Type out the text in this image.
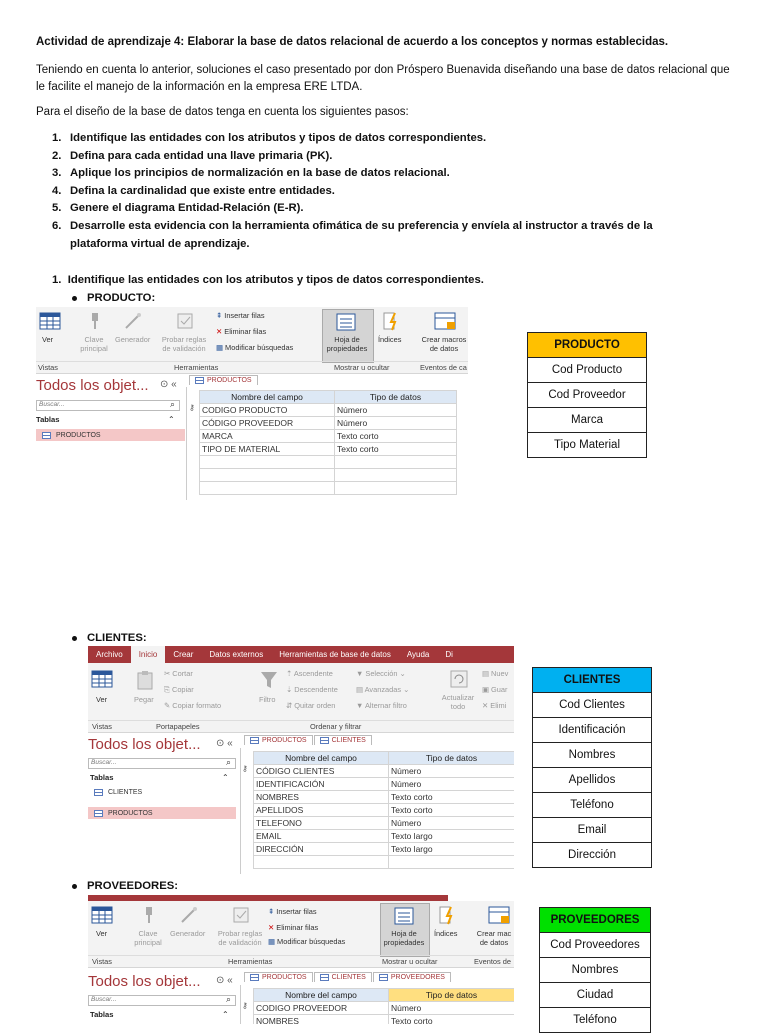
Actividad de aprendizaje 4: Elaborar la base de datos relacional de acuerdo a los conceptos y normas establecidas.
Teniendo en cuenta lo anterior, soluciones el caso presentado por don Próspero Buenavida diseñando una base de datos relacional que le facilite el manejo de la información en la empresa ERE LTDA.
Para el diseño de la base de datos tenga en cuenta los siguientes pasos:
1. Identifique las entidades con los atributos y tipos de datos correspondientes.
2. Defina para cada entidad una llave primaria (PK).
3. Aplique los principios de normalización en la base de datos relacional.
4. Defina la cardinalidad que existe entre entidades.
5. Genere el diagrama Entidad-Relación (E-R).
6. Desarrolle esta evidencia con la herramienta ofimática de su preferencia y envíela al instructor a través de la plataforma virtual de aprendizaje.
1. Identifique las entidades con los atributos y tipos de datos correspondientes.
PRODUCTO:
Ver	Clave principal
Generador	Probar reglas de validación
⇞ Insertar filas
✕ Eliminar filas
▦ Modificar búsquedas
Hoja de propiedades
Índices	Crear macros de datos
Vistas	Herramientas	Mostrar u ocultar	Eventos de ca
Todos los objet... ⊙ «
Buscar...	⌕
Tablas	⌃
PRODUCTOS
PRODUCTOS
⚷
Nombre del campo	Tipo de datos
CODIGO PRODUCTO	Número
CÓDIGO PROVEEDOR	Número
MARCA	Texto corto
TIPO DE MATERIAL	Texto corto

PRODUCTO
Cod Producto
Cod Proveedor
Marca
Tipo Material
CLIENTES:
Archivo	Inicio	Crear	Datos externos	Herramientas de base de datos	Ayuda	Di
Ver	Pegar
✂ Cortar
⎘ Copiar
✎ Copiar formato
Filtro
⇡ Ascendente
⇣ Descendente
⇵ Quitar orden
▼ Selección ⌄
▤ Avanzadas ⌄
▼ Alternar filtro
Actualizar todo
▤ Nuev
▣ Guar
✕ Elimi
Vistas	Portapapeles	Ordenar y filtrar
Todos los objet... ⊙ «
Buscar...	⌕
Tablas	⌃
CLIENTES
PRODUCTOS
PRODUCTOS	CLIENTES
⚷
Nombre del campo	Tipo de datos
CÓDIGO CLIENTES	Número
IDENTIFICACIÓN	Número
NOMBRES	Texto corto
APELLIDOS	Texto corto
TELEFONO	Número
EMAIL	Texto largo
DIRECCIÓN	Texto largo

CLIENTES
Cod Clientes
Identificación
Nombres
Apellidos
Teléfono
Email
Dirección
PROVEEDORES:
Ver	Clave principal
Generador	Probar reglas de validación
⇞ Insertar filas
✕ Eliminar filas
▦ Modificar búsquedas
Hoja de propiedades
Índices	Crear mac de datos
Vistas	Herramientas	Mostrar u ocultar	Eventos de
Todos los objet... ⊙ «
Buscar...	⌕
Tablas	⌃
PRODUCTOS	CLIENTES	PROVEEDORES
⚷
Nombre del campo	Tipo de datos
CODIGO PROVEEDOR	Número
NOMBRES	Texto corto
PROVEEDORES
Cod Proveedores
Nombres
Ciudad
Teléfono
